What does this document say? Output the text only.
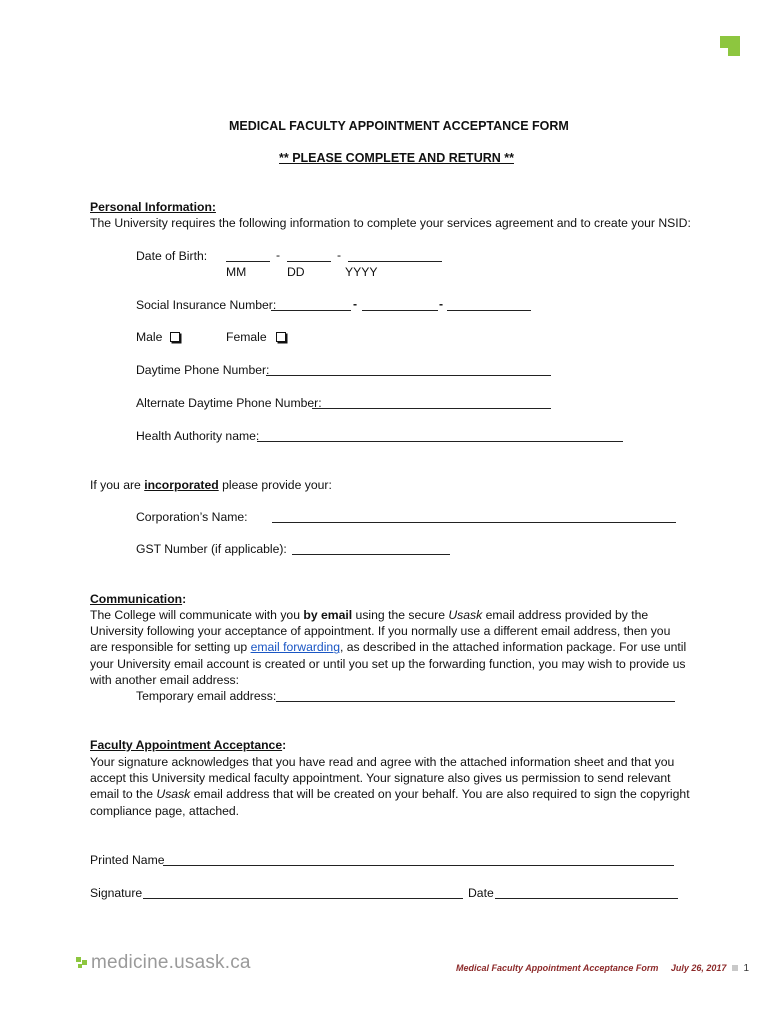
MEDICAL FACULTY APPOINTMENT ACCEPTANCE FORM
** PLEASE COMPLETE AND RETURN **
Personal Information:
The University requires the following information to complete your services agreement and to create your NSID:
Date of Birth:	-	-
MM	DD	YYYY
Social Insurance Number:	-	-
Male	Female
Daytime Phone Number:
Alternate Daytime Phone Number:
Health Authority name:
If you are incorporated please provide your:
Corporation’s Name:
GST Number (if applicable):
Communication:
The College will communicate with you by email using the secure Usask email address provided by the University following your acceptance of appointment. If you normally use a different email address, then you are responsible for setting up email forwarding, as described in the attached information package. For use until your University email account is created or until you set up the forwarding function, you may wish to provide us with another email address:
Temporary email address:
Faculty Appointment Acceptance:
Your signature acknowledges that you have read and agree with the attached information sheet and that you accept this University medical faculty appointment. Your signature also gives us permission to send relevant email to the Usask email address that will be created on your behalf. You are also required to sign the copyright compliance page, attached.
Printed Name
Signature	Date
medicine.usask.ca	Medical Faculty Appointment Acceptance Form July 26, 2017 1
